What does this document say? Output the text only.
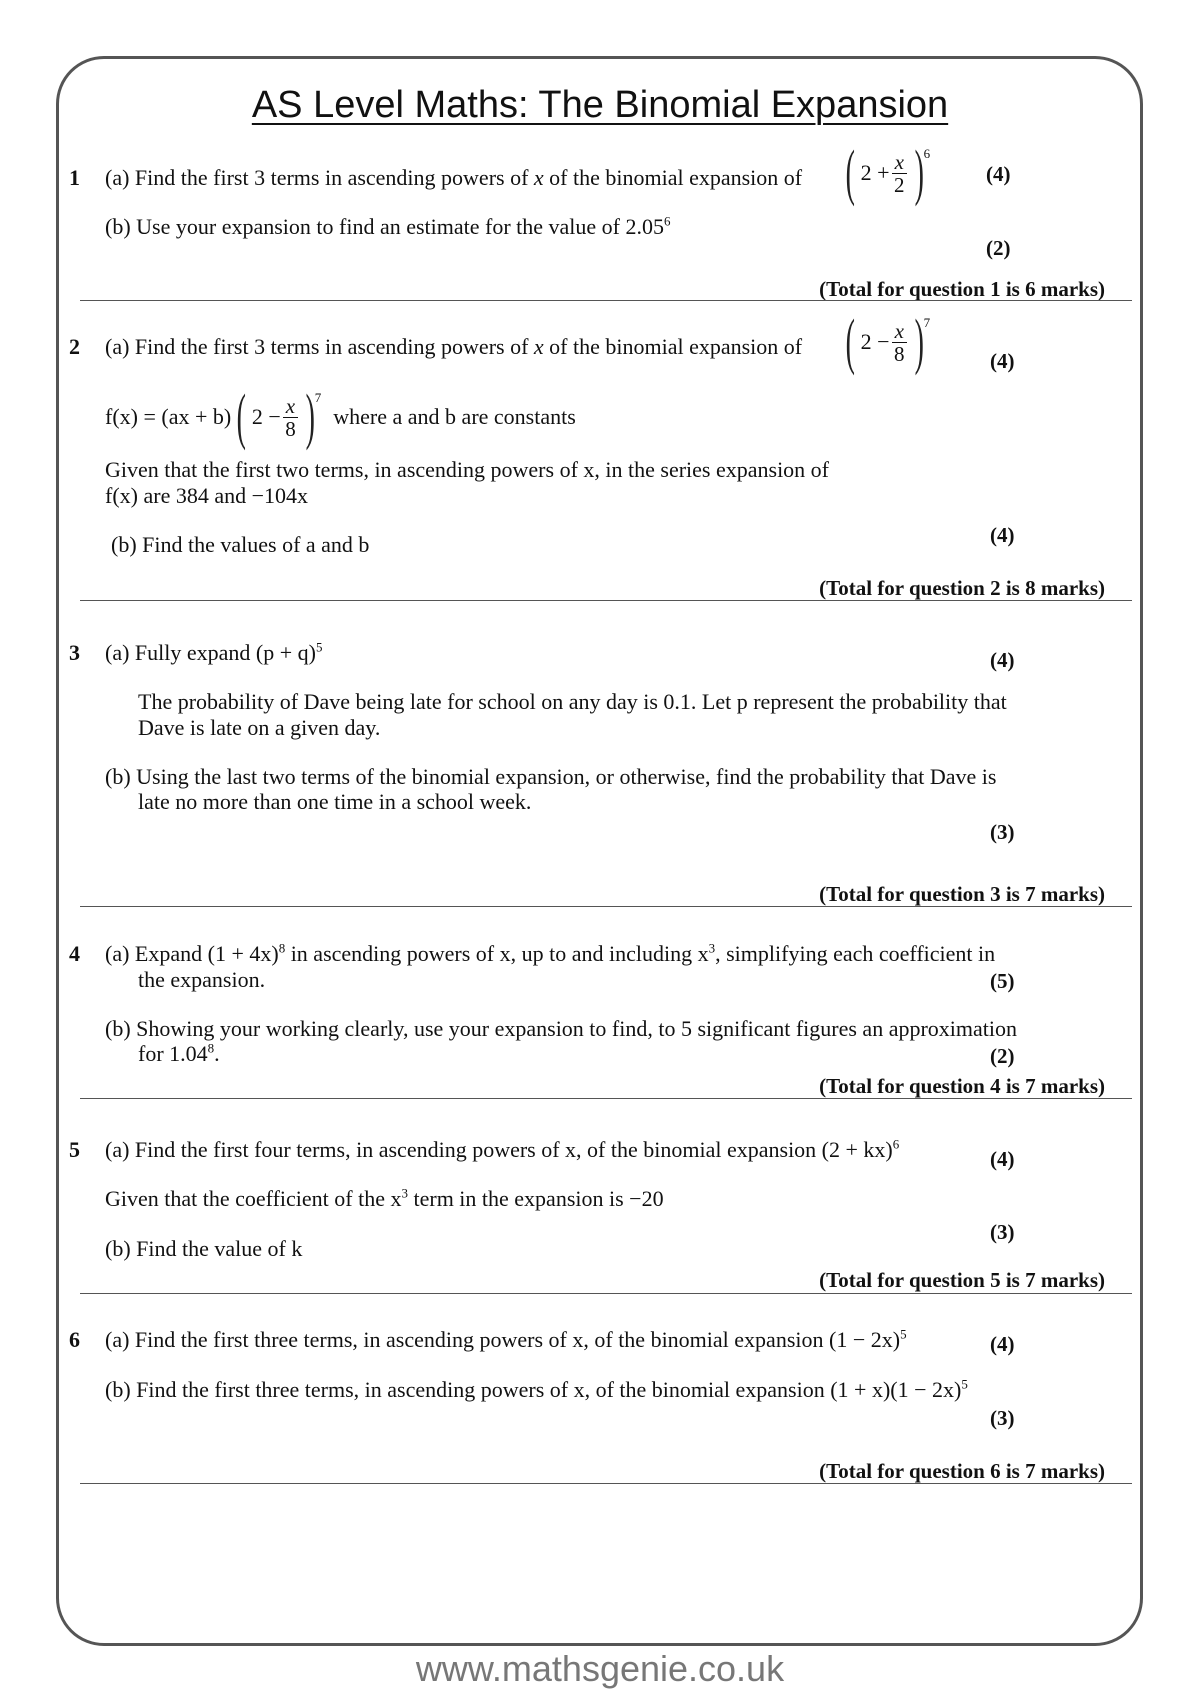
AS Level Maths: The Binomial Expansion
1 (a) Find the first 3 terms in ascending powers of x of the binomial expansion of ( $2 + \frac{x}{2}$ ) 6
(4)
(b) Use your expansion to find an estimate for the value of 2.05$^6$
(2)
(Total for question 1 is 6 marks)
2 (a) Find the first 3 terms in ascending powers of x of the binomial expansion of ( $2 - \frac{x}{8}$ ) 7
(4)
f(x) = (ax + b) ( $2 - \frac{x}{8}$ ) 7
where a and b are constants
Given that the first two terms, in ascending powers of x, in the series expansion of
f(x) are 384 and −104x
(b) Find the values of a and b	(4)
(Total for question 2 is 8 marks)
3 (a) Fully expand $(p + q)^5$
(4)
The probability of Dave being late for school on any day is 0.1. Let p represent the probability that
Dave is late on a given day.
(b) Using the last two terms of the binomial expansion, or otherwise, find the probability that Dave is
late no more than one time in a school week.
(3)
(Total for question 3 is 7 marks)
4 (a) Expand $(1 + 4x)^8$ in ascending powers of x, up to and including $x^3$, simplifying each coefficient in
the expansion.	(5)
(b) Showing your working clearly, use your expansion to find, to 5 significant figures an approximation
for 1.04$^8$.	(2)
(Total for question 4 is 7 marks)
5 (a) Find the first four terms, in ascending powers of x, of the binomial expansion (2 + kx)$^6$
(4)
Given that the coefficient of the $x^3$ term in the expansion is −20
(3)
(b) Find the value of k
(Total for question 5 is 7 marks)
6 (a) Find the first three terms, in ascending powers of x, of the binomial expansion $(1 - 2x)^5$	(4)
(b) Find the first three terms, in ascending powers of x, of the binomial expansion $(1 + x)(1 - 2x)^5$
(3)
(Total for question 6 is 7 marks)
www.mathsgenie.co.uk
